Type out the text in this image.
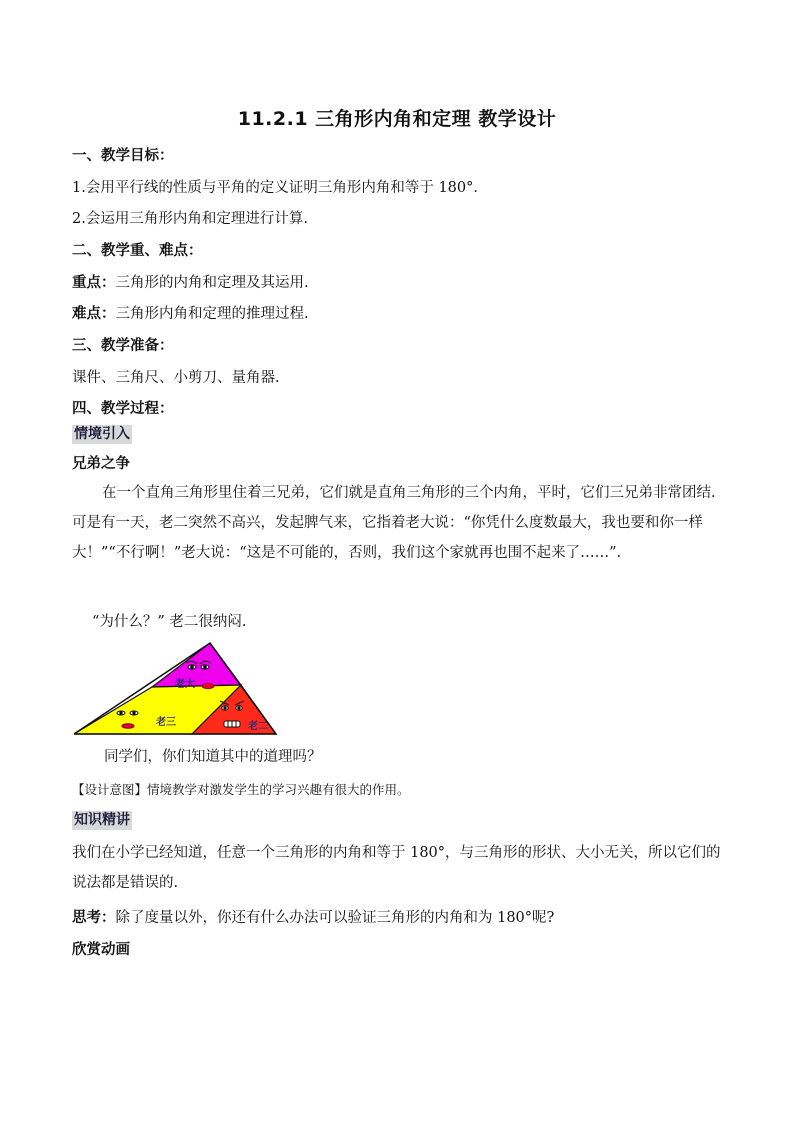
11.2.1 三角形内角和定理 教学设计
一、教学目标：
1.会用平行线的性质与平角的定义证明三角形内角和等于 180°．
2.会运用三角形内角和定理进行计算.
二、教学重、难点：
重点：三角形的内角和定理及其运用.
难点：三角形内角和定理的推理过程.
三、教学准备：
课件、三角尺、小剪刀、量角器.
四、教学过程：
情境引入
兄弟之争
在一个直角三角形里住着三兄弟，它们就是直角三角形的三个内角，平时，它们三兄弟非常团结. 可是有一天，老二突然不高兴，发起脾气来，它指着老大说：“你凭什么度数最大，我也要和你一样大！”“不行啊！”老大说：“这是不可能的，否则，我们这个家就再也围不起来了……”.
“为什么？” 老二很纳闷.
老大
老三	老二
同学们，你们知道其中的道理吗？
【设计意图】情境教学对激发学生的学习兴趣有很大的作用。
知识精讲
我们在小学已经知道，任意一个三角形的内角和等于 180°，与三角形的形状、大小无关，所以它们的说法都是错误的.
思考：除了度量以外，你还有什么办法可以验证三角形的内角和为 180°呢?
欣赏动画
